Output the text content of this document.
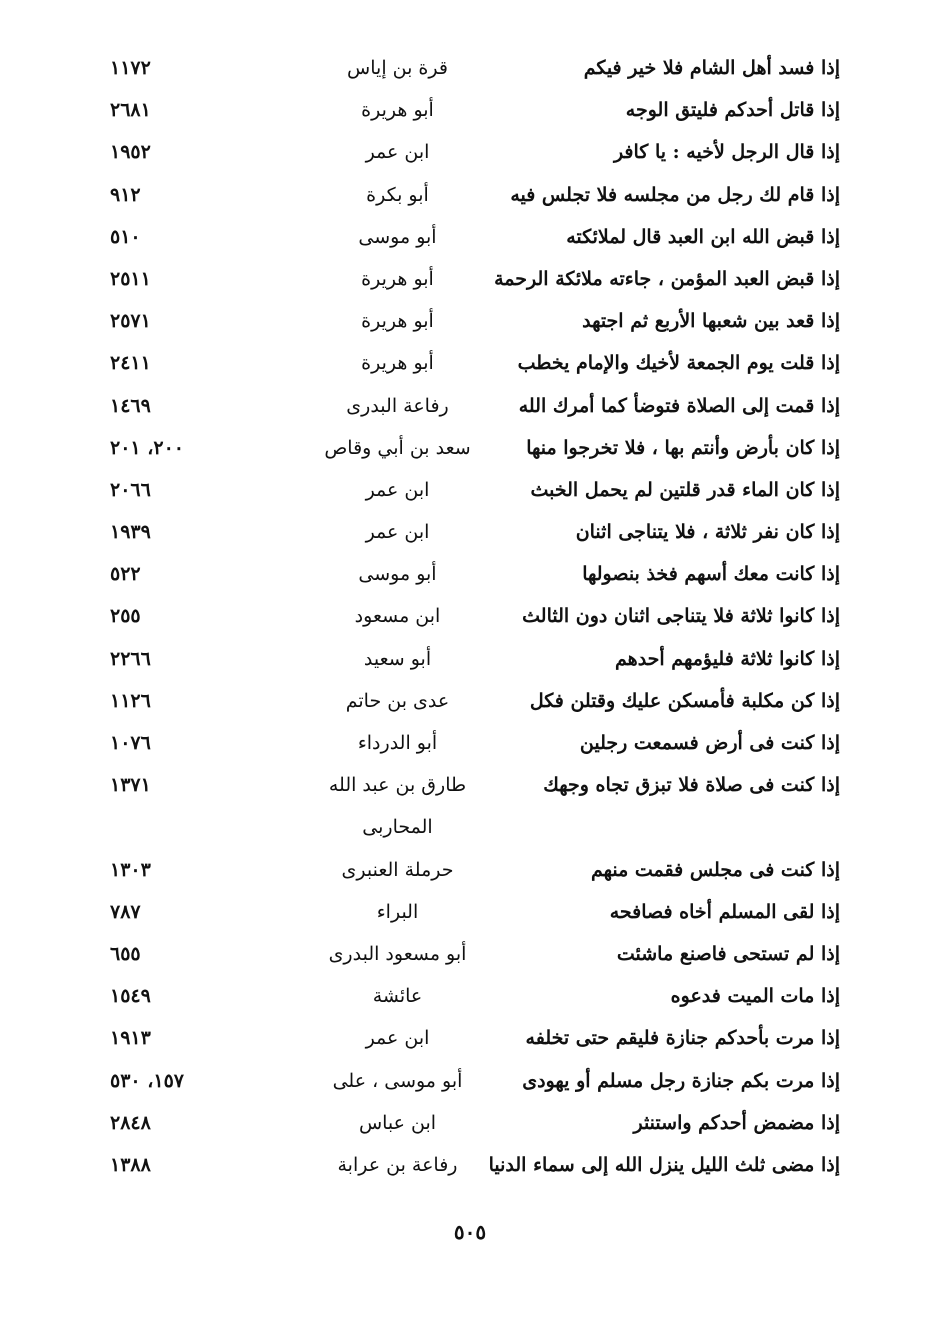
إذا فسد أهل الشام فلا خير فيكم
قرة بن إياس
١١٧٢
إذا قاتل أحدكم فليتق الوجه
أبو هريرة
٢٦٨١
إذا قال الرجل لأخيه : يا كافر
ابن عمر
١٩٥٢
إذا قام لك رجل من مجلسه فلا تجلس فيه
أبو بكرة
٩١٢
إذا قبض الله ابن العبد قال لملائكته
أبو موسى
٥١٠
إذا قبض العبد المؤمن ، جاءته ملائكة الرحمة
أبو هريرة
٢٥١١
إذا قعد بين شعبها الأربع ثم اجتهد
أبو هريرة
٢٥٧١
إذا قلت يوم الجمعة لأخيك والإمام يخطب
أبو هريرة
٢٤١١
إذا قمت إلى الصلاة فتوضأ كما أمرك الله
رفاعة البدرى
١٤٦٩
إذا كان بأرض وأنتم بها ، فلا تخرجوا منها
سعد بن أبي وقاص
٢٠٠، ٢٠١
إذا كان الماء قدر قلتين لم يحمل الخبث
ابن عمر
٢٠٦٦
إذا كان نفر ثلاثة ، فلا يتناجى اثنان
ابن عمر
١٩٣٩
إذا كانت معك أسهم فخذ بنصولها
أبو موسى
٥٢٢
إذا كانوا ثلاثة فلا يتناجى اثنان دون الثالث
ابن مسعود
٢٥٥
إذا كانوا ثلاثة فليؤمهم أحدهم
أبو سعيد
٢٢٦٦
إذا كن مكلبة فأمسكن عليك وقتلن فكل
عدى بن حاتم
١١٢٦
إذا كنت فى أرض فسمعت رجلين
أبو الدرداء
١٠٧٦
إذا كنت فى صلاة فلا تبزق تجاه وجهك
طارق بن عبد الله
١٣٧١
المحاربى
إذا كنت فى مجلس فقمت منهم
حرملة العنبرى
١٣٠٣
إذا لقى المسلم أخاه فصافحه
البراء
٧٨٧
إذا لم تستحى فاصنع ماشئت
أبو مسعود البدرى
٦٥٥
إذا مات الميت فدعوه
عائشة
١٥٤٩
إذا مرت بأحدكم جنازة فليقم حتى تخلفه
ابن عمر
١٩١٣
إذا مرت بكم جنازة رجل مسلم أو يهودى
أبو موسى ، على
١٥٧، ٥٣٠
إذا مضمض أحدكم واستنثر
ابن عباس
٢٨٤٨
إذا مضى ثلث الليل ينزل الله إلى سماء الدنيا
رفاعة بن عرابة
١٣٨٨
٥٠٥
